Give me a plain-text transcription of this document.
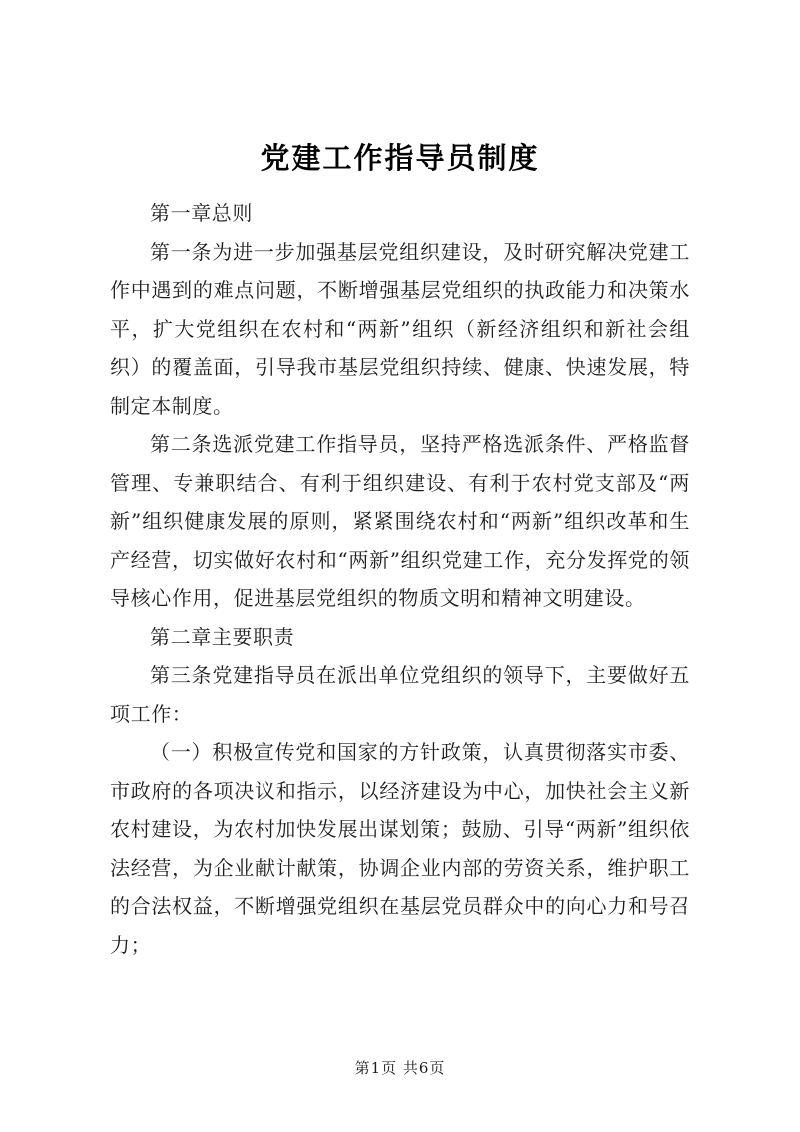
党建工作指导员制度

第一章总则

第一条为进一步加强基层党组织建设，及时研究解决党建工作中遇到的难点问题，不断增强基层党组织的执政能力和决策水平，扩大党组织在农村和“两新”组织（新经济组织和新社会组织）的覆盖面，引导我市基层党组织持续、健康、快速发展，特制定本制度。

第二条选派党建工作指导员，坚持严格选派条件、严格监督管理、专兼职结合、有利于组织建设、有利于农村党支部及“两新”组织健康发展的原则，紧紧围绕农村和“两新”组织改革和生产经营，切实做好农村和“两新”组织党建工作，充分发挥党的领导核心作用，促进基层党组织的物质文明和精神文明建设。

第二章主要职责

第三条党建指导员在派出单位党组织的领导下，主要做好五项工作：

（一）积极宣传党和国家的方针政策，认真贯彻落实市委、市政府的各项决议和指示，以经济建设为中心，加快社会主义新农村建设，为农村加快发展出谋划策；鼓励、引导“两新”组织依法经营，为企业献计献策，协调企业内部的劳资关系，维护职工的合法权益，不断增强党组织在基层党员群众中的向心力和号召力；

第1页 共6页
